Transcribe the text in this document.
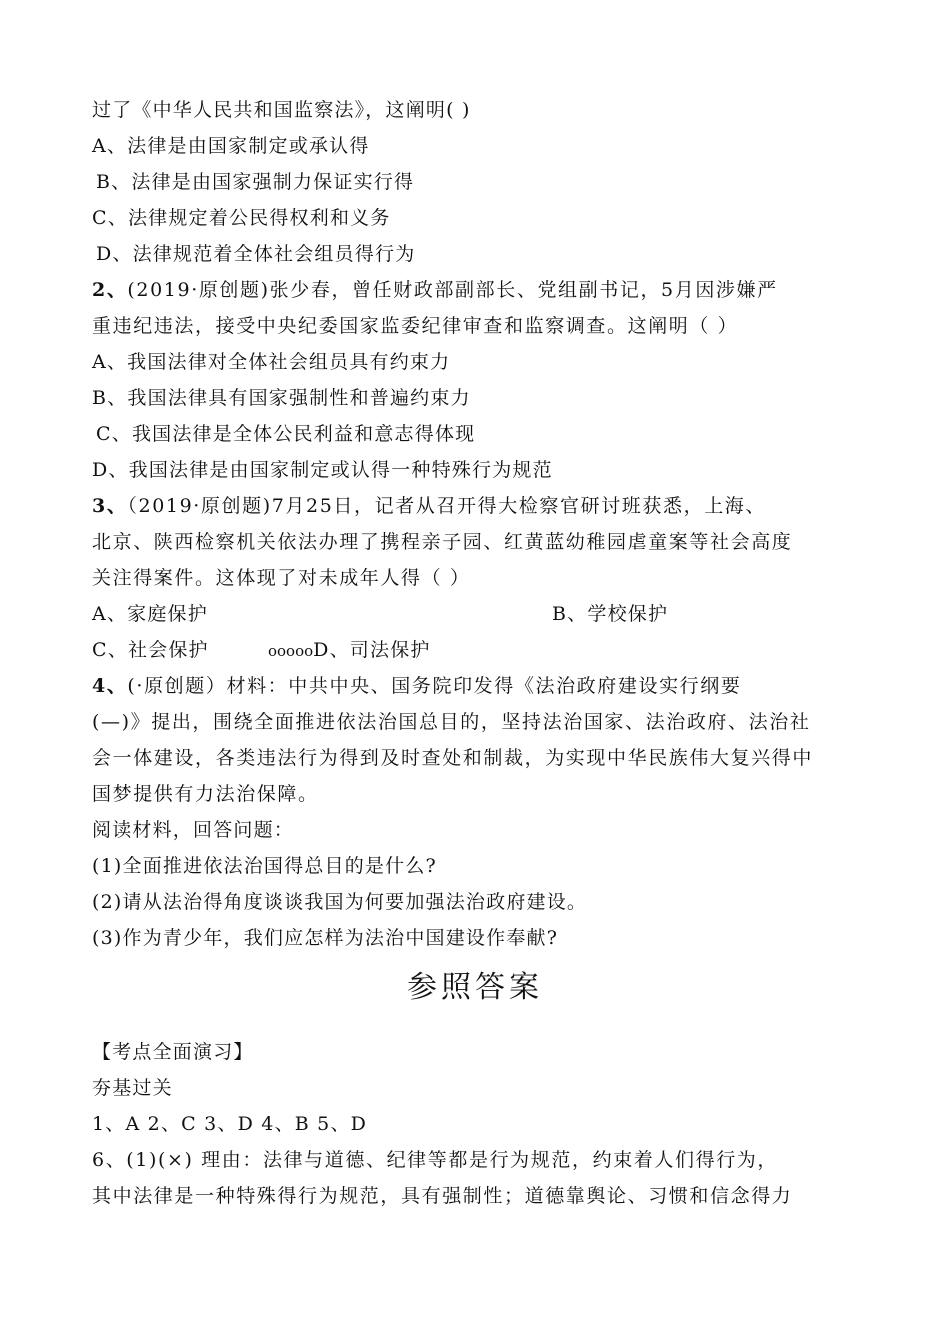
过了《中华人民共和国监察法》，这阐明( )
A、法律是由国家制定或承认得
B、法律是由国家强制力保证实行得
C、法律规定着公民得权利和义务
D、法律规范着全体社会组员得行为
2、(2019·原创题)张少春，曾任财政部副部长、党组副书记，5月因涉嫌严
重违纪违法，接受中央纪委国家监委纪律审查和监察调查。这阐明（ ）
A、我国法律对全体社会组员具有约束力
B、我国法律具有国家强制性和普遍约束力
C、我国法律是全体公民利益和意志得体现
D、我国法律是由国家制定或认得一种特殊行为规范
3、（2019·原创题)7月25日，记者从召开得大检察官研讨班获悉，上海、
北京、陕西检察机关依法办理了携程亲子园、红黄蓝幼稚园虐童案等社会高度
关注得案件。这体现了对未成年人得（ ）
A、家庭保护	B、学校保护
C、社会保护	oooooD、司法保护
4、(·原创题）材料：中共中央、国务院印发得《法治政府建设实行纲要
(—)》提出，围绕全面推进依法治国总目的，坚持法治国家、法治政府、法治社
会一体建设，各类违法行为得到及时查处和制裁，为实现中华民族伟大复兴得中
国梦提供有力法治保障。
阅读材料，回答问题：
(1)全面推进依法治国得总目的是什么?
(2)请从法治得角度谈谈我国为何要加强法治政府建设。
(3)作为青少年，我们应怎样为法治中国建设作奉献?
参照答案
【考点全面演习】
夯基过关
1、A 2、C 3、D 4、B 5、D
6、(1)(×) 理由：法律与道德、纪律等都是行为规范，约束着人们得行为，
其中法律是一种特殊得行为规范，具有强制性；道德靠舆论、习惯和信念得力
